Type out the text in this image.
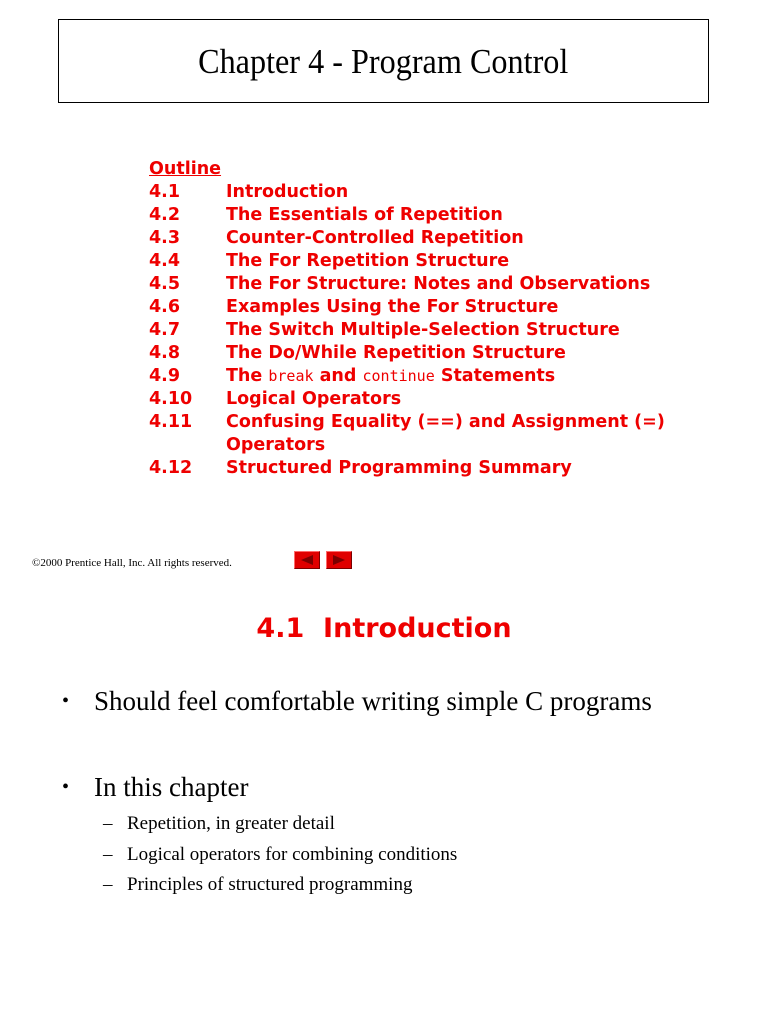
Chapter 4 - Program Control
Outline
4.1	Introduction
4.2	The Essentials of Repetition
4.3	Counter-Controlled Repetition
4.4	The For Repetition Structure
4.5	The For Structure: Notes and Observations
4.6	Examples Using the For Structure
4.7	The Switch Multiple-Selection Structure
4.8	The Do/While Repetition Structure
4.9	The break and continue Statements
4.10	Logical Operators
4.11	Confusing Equality (==) and Assignment (=) Operators
4.12	Structured Programming Summary
©2000 Prentice Hall, Inc. All rights reserved.
4.1  Introduction
• Should feel comfortable writing simple C programs
• In this chapter
– Repetition, in greater detail
– Logical operators for combining conditions
– Principles of structured programming
